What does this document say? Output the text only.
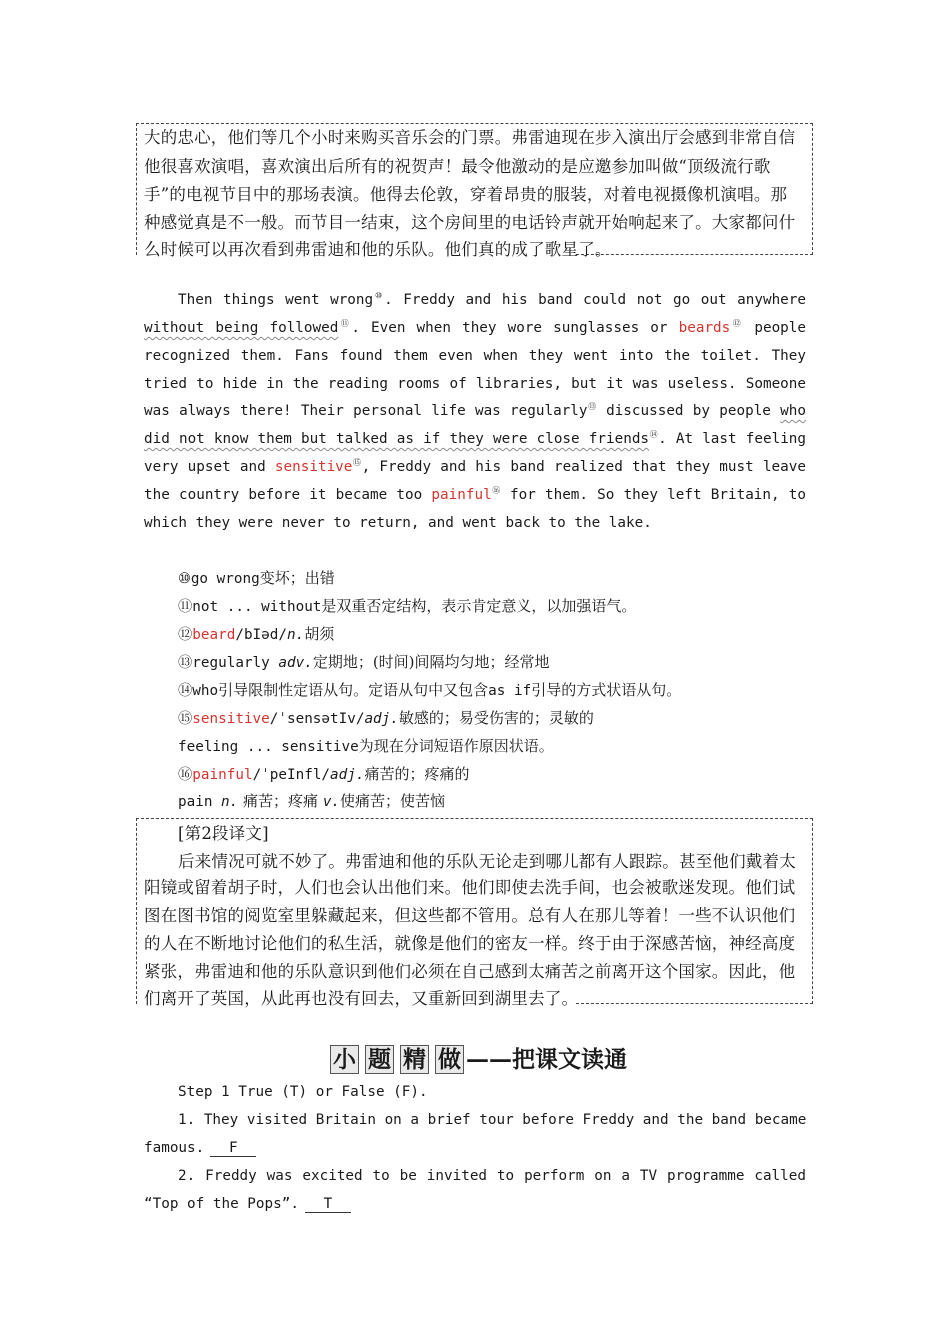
大的忠心，他们等几个小时来购买音乐会的门票。弗雷迪现在步入演出厅会感到非常自信
他很喜欢演唱，喜欢演出后所有的祝贺声！最令他激动的是应邀参加叫做“顶级流行歌
手”的电视节目中的那场表演。他得去伦敦，穿着昂贵的服装，对着电视摄像机演唱。那
种感觉真是不一般。而节目一结束，这个房间里的电话铃声就开始响起来了。大家都问什
么时候可以再次看到弗雷迪和他的乐队。他们真的成了歌星了。
Then things went wrong⑩. Freddy and his band could not go out anywhere
without being followed⑪. Even when they wore sunglasses or beards⑫ people
recognized them. Fans found them even when they went into the toilet. They
tried to hide in the reading rooms of libraries, but it was useless. Someone
was always there! Their personal life was regularly⑬ discussed by people who
did not know them but talked as if they were close friends⑭. At last feeling
very upset and sensitive⑮, Freddy and his band realized that they must leave
the country before it became too painful⑯ for them. So they left Britain, to
which they were never to return, and went back to the lake.
⑩go wrong变坏；出错
⑪not ... without是双重否定结构，表示肯定意义，以加强语气。
⑫beard/bIəd/n.胡须
⑬regularly adv.定期地；(时间)间隔均匀地；经常地
⑭who引导限制性定语从句。定语从句中又包含as if引导的方式状语从句。
⑮sensitive/ˈsensətIv/adj.敏感的；易受伤害的；灵敏的
feeling ... sensitive为现在分词短语作原因状语。
⑯painful/ˈpeInfl/adj.痛苦的；疼痛的
pain n. 痛苦；疼痛 v.使痛苦；使苦恼
[第2段译文]
后来情况可就不妙了。弗雷迪和他的乐队无论走到哪儿都有人跟踪。甚至他们戴着太
阳镜或留着胡子时，人们也会认出他们来。他们即使去洗手间，也会被歌迷发现。他们试
图在图书馆的阅览室里躲藏起来，但这些都不管用。总有人在那儿等着！一些不认识他们
的人在不断地讨论他们的私生活，就像是他们的密友一样。终于由于深感苦恼，神经高度
紧张，弗雷迪和他的乐队意识到他们必须在自己感到太痛苦之前离开这个国家。因此，他
们离开了英国，从此再也没有回去，又重新回到湖里去了。
小 题 精 做 ——把课文读通
Step 1 True (T) or False (F).
1. They visited Britain on a brief tour before Freddy and the band became
famous. F
2. Freddy was excited to be invited to perform on a TV programme called
“Top of the Pops”. T
